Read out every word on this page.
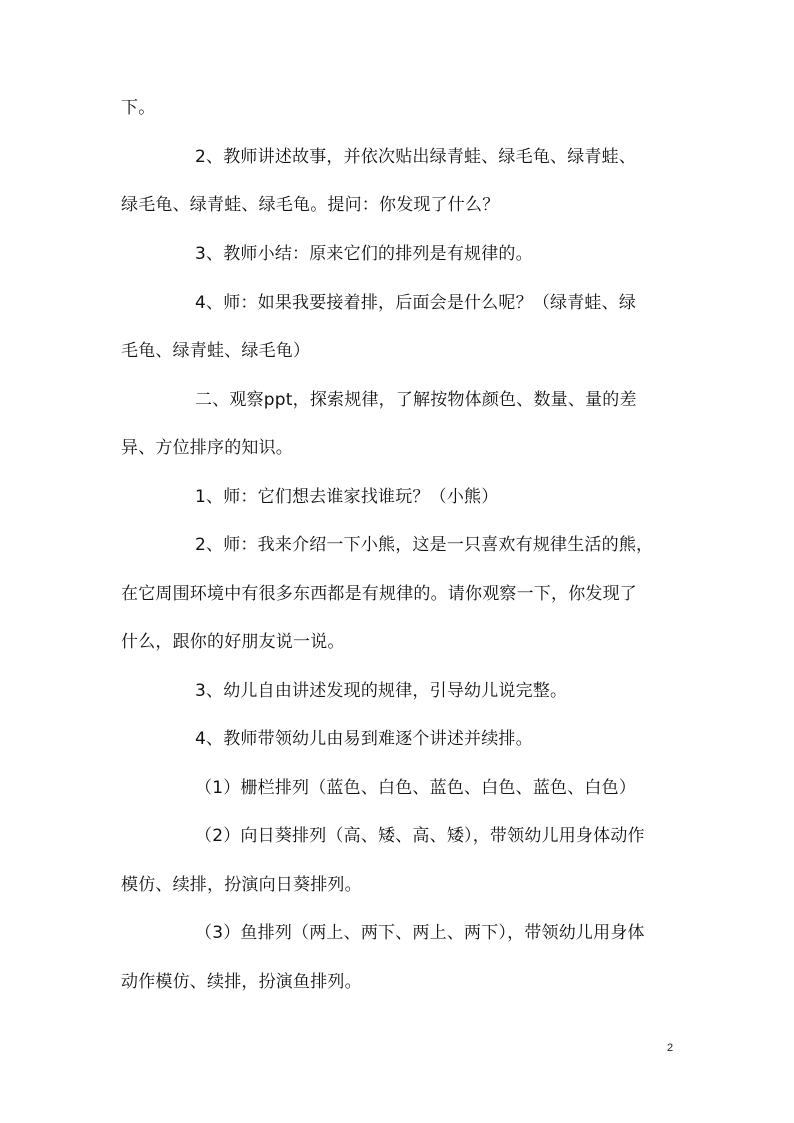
下。
2、教师讲述故事，并依次贴出绿青蛙、绿毛龟、绿青蛙、
绿毛龟、绿青蛙、绿毛龟。提问：你发现了什么？
3、教师小结：原来它们的排列是有规律的。
4、师：如果我要接着排，后面会是什么呢？（绿青蛙、绿
毛龟、绿青蛙、绿毛龟）
二、观察ppt，探索规律，了解按物体颜色、数量、量的差
异、方位排序的知识。
1、师：它们想去谁家找谁玩？（小熊）
2、师：我来介绍一下小熊，这是一只喜欢有规律生活的熊，
在它周围环境中有很多东西都是有规律的。请你观察一下，你发现了
什么，跟你的好朋友说一说。
3、幼儿自由讲述发现的规律，引导幼儿说完整。
4、教师带领幼儿由易到难逐个讲述并续排。
（1）栅栏排列（蓝色、白色、蓝色、白色、蓝色、白色）
（2）向日葵排列（高、矮、高、矮），带领幼儿用身体动作
模仿、续排，扮演向日葵排列。
（3）鱼排列（两上、两下、两上、两下），带领幼儿用身体
动作模仿、续排，扮演鱼排列。
2
